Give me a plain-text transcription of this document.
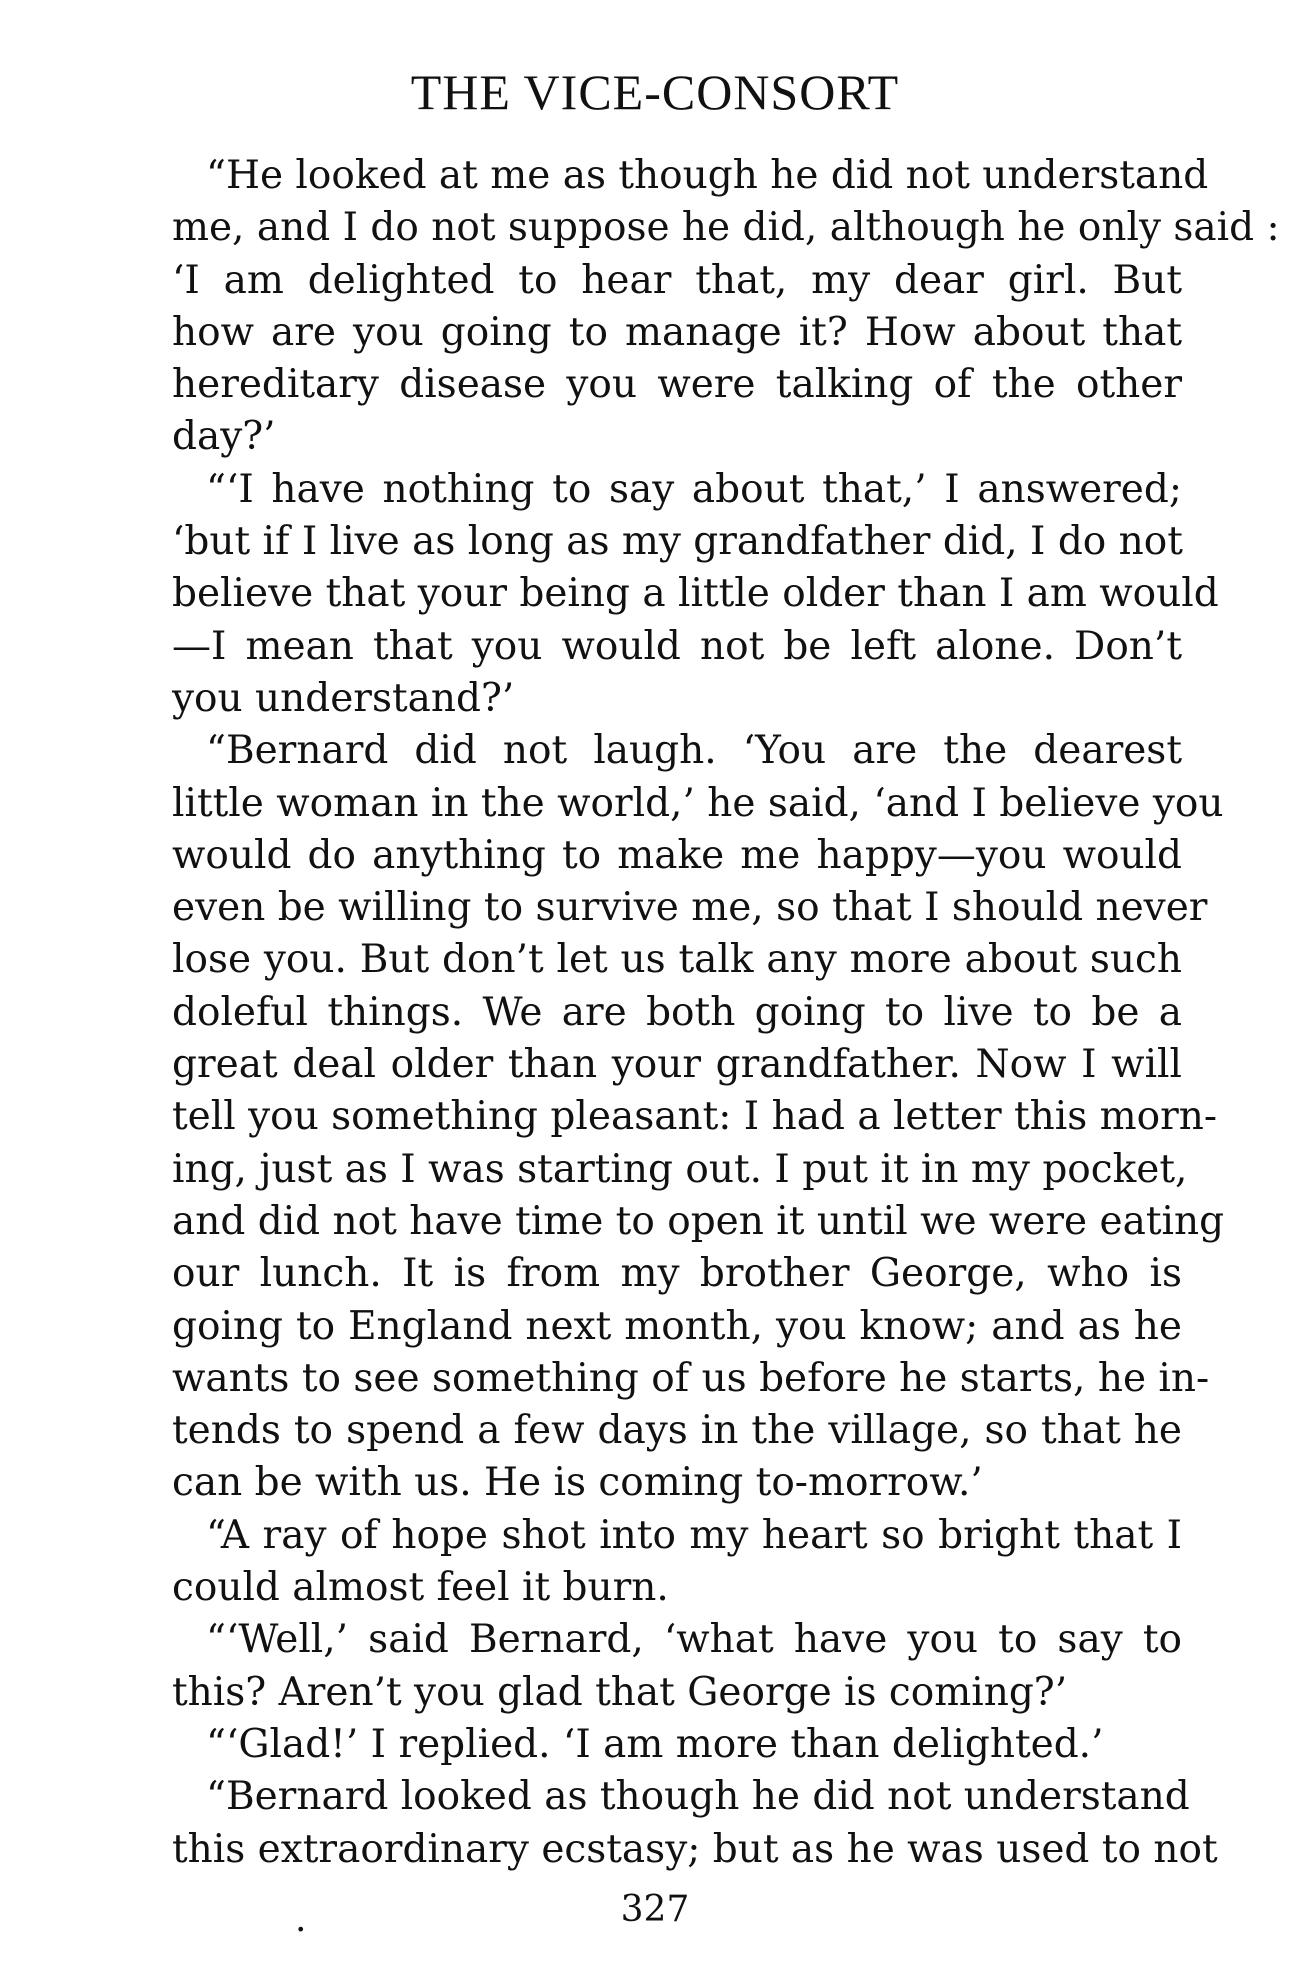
THE VICE-CONSORT
“He looked at me as though he did not understand
me, and I do not suppose he did, although he only said :
‘I am delighted to hear that, my dear girl. But
how are you going to manage it? How about that
hereditary disease you were talking of the other
day?’
“‘I have nothing to say about that,’ I answered;
‘but if I live as long as my grandfather did, I do not
believe that your being a little older than I am would
—I mean that you would not be left alone. Don’t
you understand?’
“Bernard did not laugh. ‘You are the dearest
little woman in the world,’ he said, ‘and I believe you
would do anything to make me happy—you would
even be willing to survive me, so that I should never
lose you. But don’t let us talk any more about such
doleful things. We are both going to live to be a
great deal older than your grandfather. Now I will
tell you something pleasant: I had a letter this morn-
ing, just as I was starting out. I put it in my pocket,
and did not have time to open it until we were eating
our lunch. It is from my brother George, who is
going to England next month, you know; and as he
wants to see something of us before he starts, he in-
tends to spend a few days in the village, so that he
can be with us. He is coming to-morrow.’
“A ray of hope shot into my heart so bright that I
could almost feel it burn.
“‘Well,’ said Bernard, ‘what have you to say to
this? Aren’t you glad that George is coming?’
“‘Glad!’ I replied. ‘I am more than delighted.’
“Bernard looked as though he did not understand
this extraordinary ecstasy; but as he was used to not
.	327
